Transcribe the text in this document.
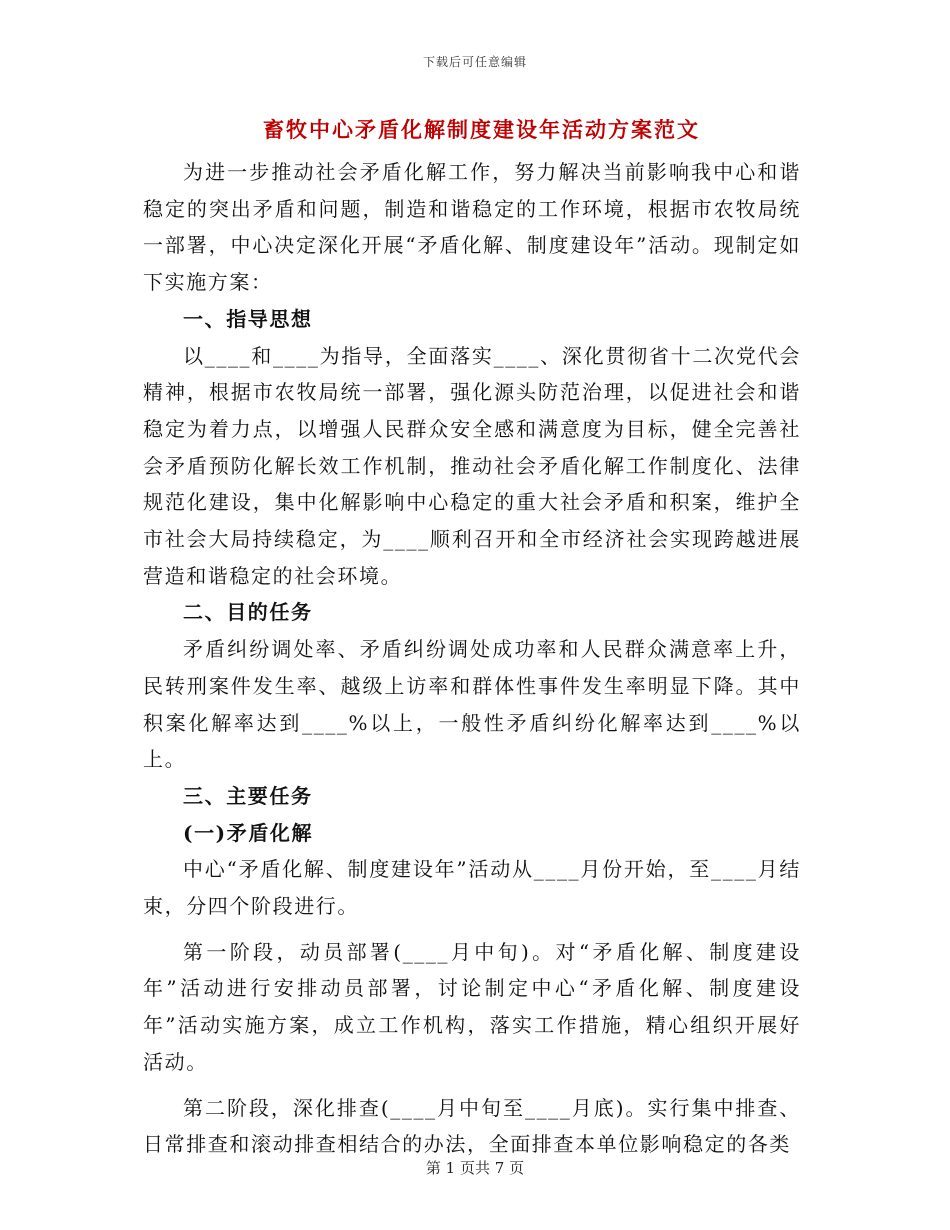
下载后可任意编辑
畜牧中心矛盾化解制度建设年活动方案范文

为进一步推动社会矛盾化解工作，努力解决当前影响我中心和谐稳定的突出矛盾和问题，制造和谐稳定的工作环境，根据市农牧局统一部署，中心决定深化开展“矛盾化解、制度建设年”活动。现制定如下实施方案：

一、指导思想

以____和____为指导，全面落实____、深化贯彻省十二次党代会精神，根据市农牧局统一部署，强化源头防范治理，以促进社会和谐稳定为着力点，以增强人民群众安全感和满意度为目标，健全完善社会矛盾预防化解长效工作机制，推动社会矛盾化解工作制度化、法律规范化建设，集中化解影响中心稳定的重大社会矛盾和积案，维护全市社会大局持续稳定，为____顺利召开和全市经济社会实现跨越进展营造和谐稳定的社会环境。

二、目的任务

矛盾纠纷调处率、矛盾纠纷调处成功率和人民群众满意率上升，民转刑案件发生率、越级上访率和群体性事件发生率明显下降。其中积案化解率达到____%以上，一般性矛盾纠纷化解率达到____%以上。

三、主要任务
(一)矛盾化解

中心“矛盾化解、制度建设年”活动从____月份开始，至____月结束，分四个阶段进行。

第一阶段，动员部署(____月中旬)。对“矛盾化解、制度建设年”活动进行安排动员部署，讨论制定中心“矛盾化解、制度建设年”活动实施方案，成立工作机构，落实工作措施，精心组织开展好活动。

第二阶段，深化排查(____月中旬至____月底)。实行集中排查、日常排查和滚动排查相结合的办法，全面排查本单位影响稳定的各类

第 1 页共 7 页
